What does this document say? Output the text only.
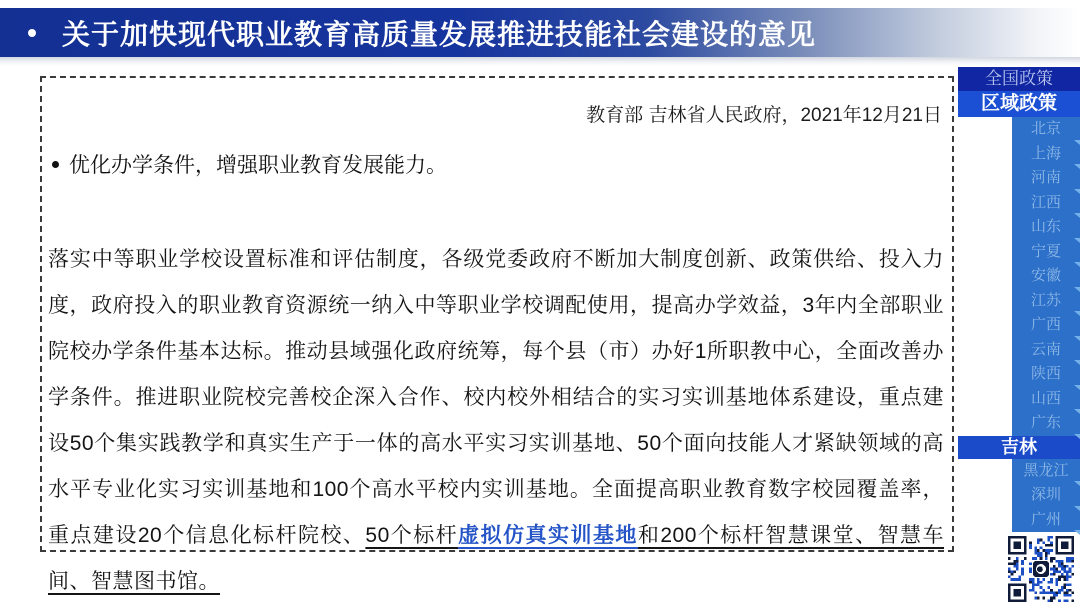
关于加快现代职业教育高质量发展推进技能社会建设的意见
教育部 吉林省人民政府，2021年12月21日
优化办学条件，增强职业教育发展能力。

落实中等职业学校设置标准和评估制度，各级党委政府不断加大制度创新、政策供给、投入力度，政府投入的职业教育资源统一纳入中等职业学校调配使用，提高办学效益，3年内全部职业院校办学条件基本达标。推动县域强化政府统筹，每个县（市）办好1所职教中心，全面改善办学条件。推进职业院校完善校企深入合作、校内校外相结合的实习实训基地体系建设，重点建设50个集实践教学和真实生产于一体的高水平实习实训基地、50个面向技能人才紧缺领域的高水平专业化实习实训基地和100个高水平校内实训基地。全面提高职业教育数字校园覆盖率，重点建设20个信息化标杆院校、50个标杆虚拟仿真实训基地和200个标杆智慧课堂、智慧车间、智慧图书馆。

全国政策
区域政策
北京
上海
河南
江西
山东
宁夏
安徽
江苏
广西
云南
陕西
山西
广东
吉林
黑龙江
深圳
广州
